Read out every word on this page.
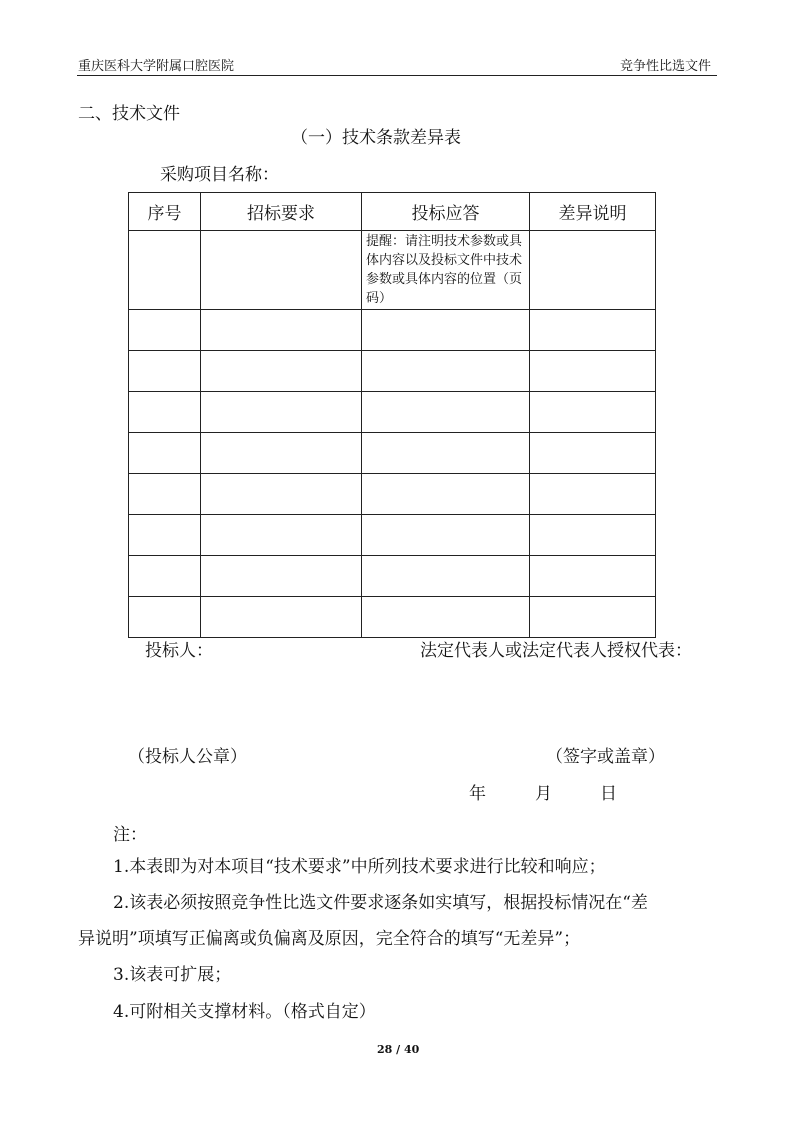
重庆医科大学附属口腔医院	竞争性比选文件
二、技术文件
（一）技术条款差异表
采购项目名称：
序号	招标要求	投标应答	差异说明

		提醒：请注明技术参数或具体内容以及投标文件中技术参数或具体内容的位置（页码）	

投标人：	法定代表人或法定代表人授权代表：
（投标人公章）	（签字或盖章）
年	月	日
注：
1.本表即为对本项目“技术要求”中所列技术要求进行比较和响应；
2.该表必须按照竞争性比选文件要求逐条如实填写，根据投标情况在“差
异说明”项填写正偏离或负偏离及原因，完全符合的填写“无差异”；
3.该表可扩展；
4.可附相关支撑材料。（格式自定）
28 / 40
